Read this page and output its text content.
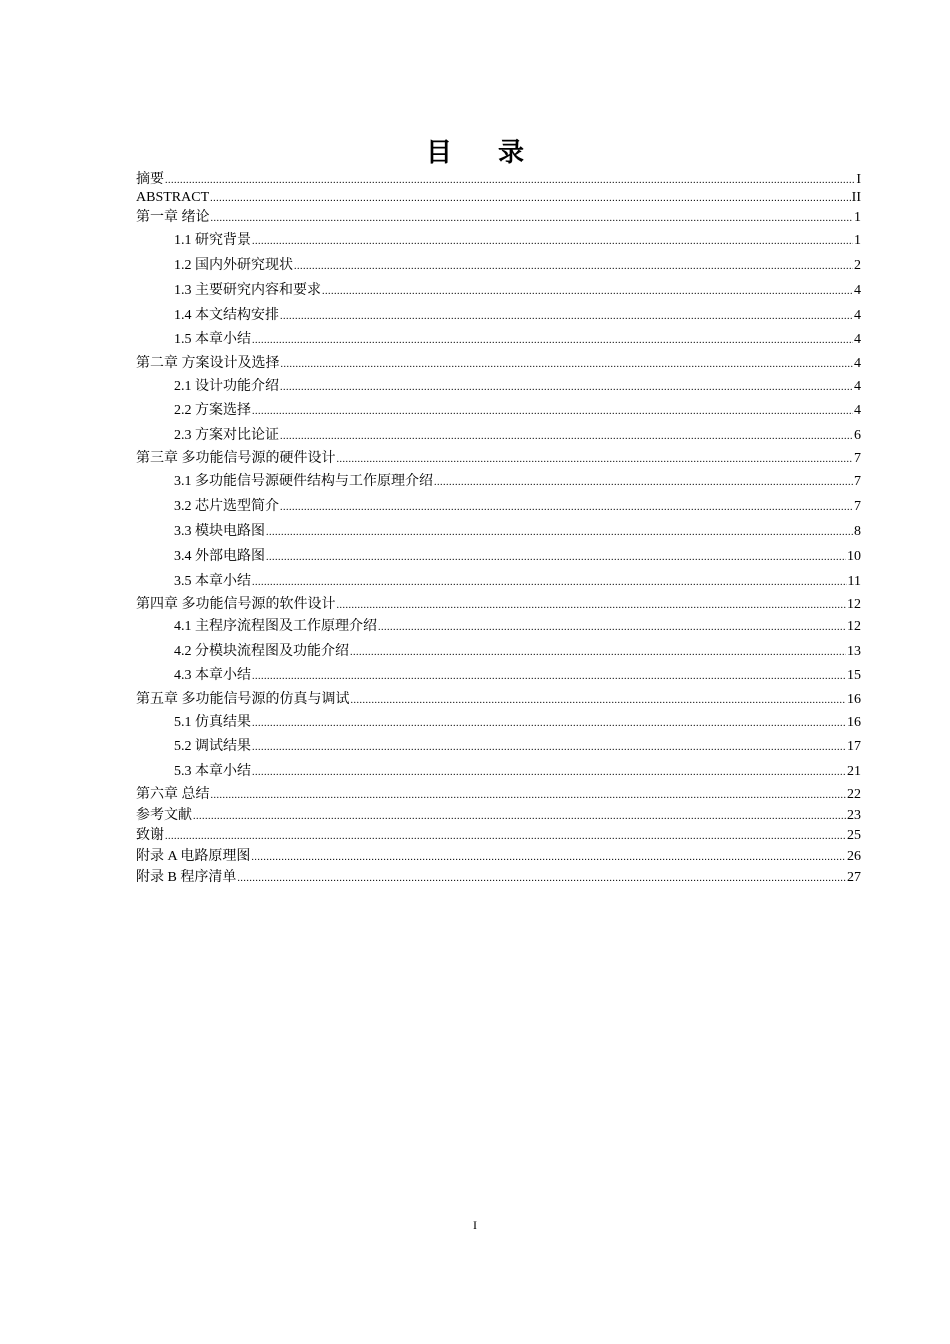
目 录
摘要 .....	I
ABSTRACT .....	II
第一章 绪论 .....	1
1.1 研究背景 .....	1
1.2 国内外研究现状 .....	2
1.3 主要研究内容和要求 .....	4
1.4 本文结构安排 .....	4
1.5 本章小结 .....	4
第二章 方案设计及选择 .....	4
2.1 设计功能介绍 .....	4
2.2 方案选择 .....	4
2.3 方案对比论证 .....	6
第三章 多功能信号源的硬件设计 .....	7
3.1 多功能信号源硬件结构与工作原理介绍 .....	7
3.2 芯片选型简介 .....	7
3.3 模块电路图 .....	8
3.4 外部电路图 .....	10
3.5 本章小结 .....	11
第四章 多功能信号源的软件设计 .....	12
4.1 主程序流程图及工作原理介绍 .....	12
4.2 分模块流程图及功能介绍 .....	13
4.3 本章小结 .....	15
第五章 多功能信号源的仿真与调试 .....	16
5.1 仿真结果 .....	16
5.2 调试结果 .....	17
5.3 本章小结 .....	21
第六章 总结 .....	22
参考文献 .....	23
致谢 .....	25
附录 A 电路原理图 .....	26
附录 B 程序清单 .....	27
I
